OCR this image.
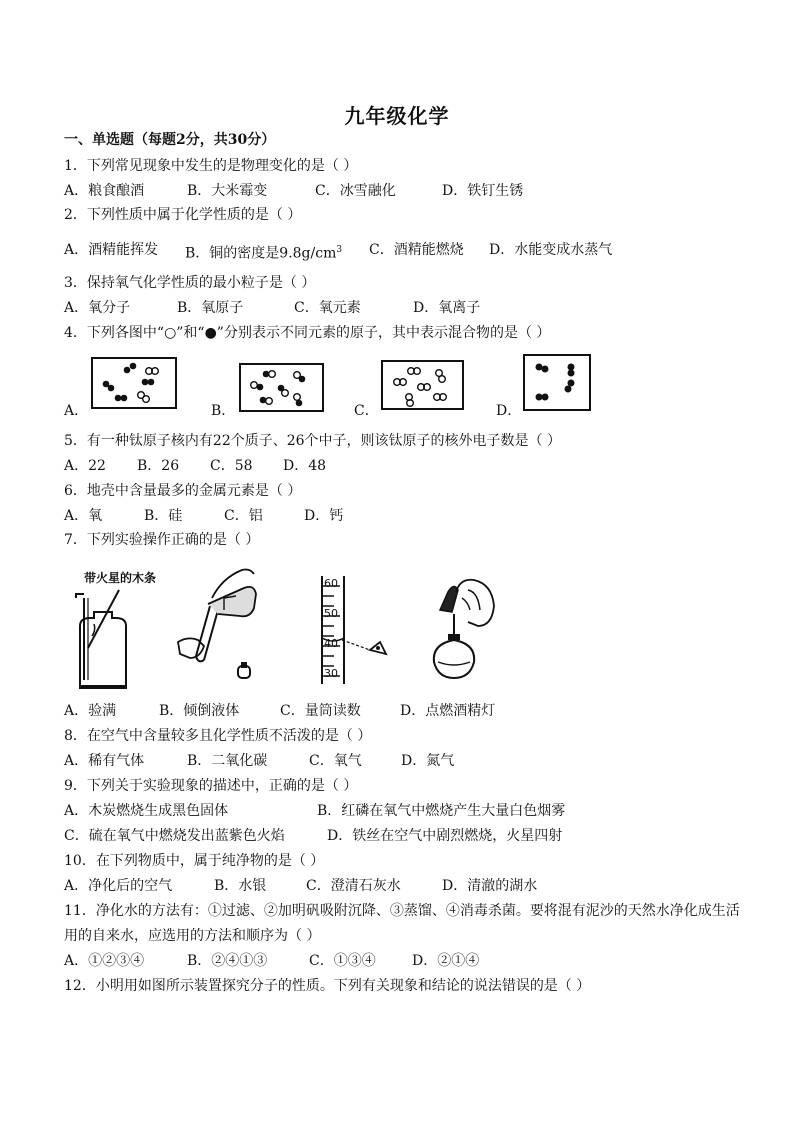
九年级化学
一、单选题（每题2分，共30分）
1．下列常见现象中发生的是物理变化的是（ ）
A．粮食酿酒	B．大米霉变	C．冰雪融化	D．铁钉生锈
2．下列性质中属于化学性质的是（ ）
A．酒精能挥发 B．铜的密度是$9.8g/cm^3$ C．酒精能燃烧 D．水能变成水蒸气
3．保持氧气化学性质的最小粒子是（ ）
A．氧分子	B．氧原子	C．氧元素	D．氧离子
4．下列各图中“○”和“●”分别表示不同元素的原子，其中表示混合物的是（ ）
A．	B．	C．	D．
5．有一种钛原子核内有22个质子、26个中子，则该钛原子的核外电子数是（ ）
A．22 B．26 C．58 D．48
6．地壳中含量最多的金属元素是（ ）
A．氧	B．硅	C．铝	D．钙
7．下列实验操作正确的是（ ）
带火星的木条	60
50
40
30
A．验满	B．倾倒液体	C．量筒读数	D．点燃酒精灯
8．在空气中含量较多且化学性质不活泼的是（ ）
A．稀有气体	B．二氧化碳	C．氧气	D．氮气
9．下列关于实验现象的描述中，正确的是（ ）
A．木炭燃烧生成黑色固体	B．红磷在氧气中燃烧产生大量白色烟雾
C．硫在氧气中燃烧发出蓝紫色火焰	D．铁丝在空气中剧烈燃烧，火星四射
10．在下列物质中，属于纯净物的是（ ）
A．净化后的空气	B．水银	C．澄清石灰水	D．清澈的湖水
11．净化水的方法有：①过滤、②加明矾吸附沉降、③蒸馏、④消毒杀菌。要将混有泥沙的天然水净化成生活
用的自来水，应选用的方法和顺序为（ ）
A．①②③④	B．②④①③	C．①③④	D．②①④
12．小明用如图所示装置探究分子的性质。下列有关现象和结论的说法错误的是（ ）
